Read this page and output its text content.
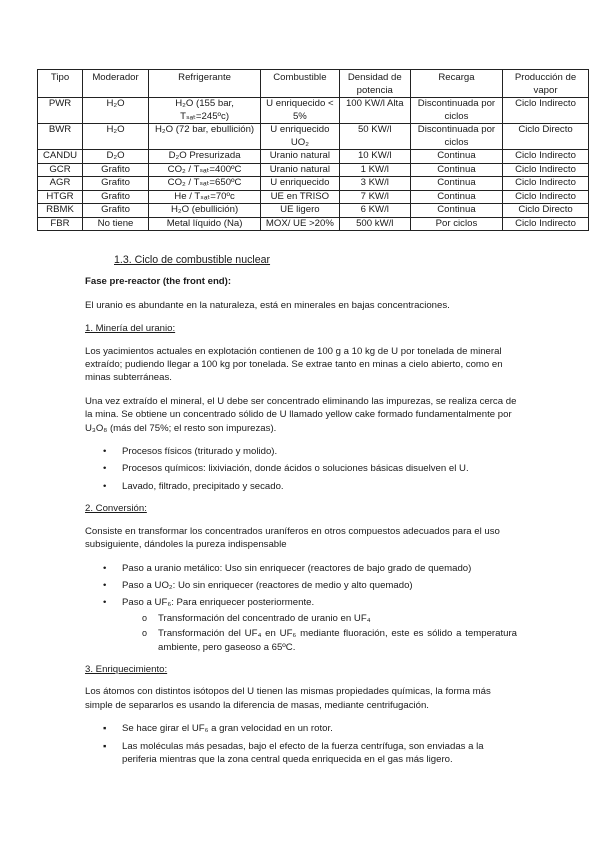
Tipo	Moderador	Refrigerante	Combustible	Densidad de potencia	Recarga	Producción de vapor
PWR	H₂O	H₂O (155 bar, Tₛₐₜ=245ºc)	U enriquecido < 5%	100 KW/l Alta	Discontinuada por ciclos	Ciclo Indirecto
BWR	H₂O	H₂O (72 bar, ebullición)	U enriquecido UO₂	50 KW/l	Discontinuada por ciclos	Ciclo Directo
CANDU	D₂O	D₂O Presurizada	Uranio natural	10 KW/l	Continua	Ciclo Indirecto
GCR	Grafito	CO₂ / Tₛₐₜ=400ºC	Uranio natural	1 KW/l	Continua	Ciclo Indirecto
AGR	Grafito	CO₂ / Tₛₐₜ=650ºC	U enriquecido	3 KW/l	Continua	Ciclo Indirecto
HTGR	Grafito	He / Tₛₐₜ=70ºc	UE en TRISO	7 KW/l	Continua	Ciclo Indirecto
RBMK	Grafito	H₂O (ebullición)	UE ligero	6 KW/l	Continua	Ciclo Directo
FBR	No tiene	Metal líquido (Na)	MOX/ UE >20%	500 kW/l	Por ciclos	Ciclo Indirecto
1.3. Ciclo de combustible nuclear
Fase pre-reactor (the front end):
El uranio es abundante en la naturaleza, está en minerales en bajas concentraciones.
1. Minería del uranio:
Los yacimientos actuales en explotación contienen de 100 g a 10 kg de U por tonelada de mineral extraído; pudiendo llegar a 100 kg por tonelada. Se extrae tanto en minas a cielo abierto, como en minas subterráneas.
Una vez extraído el mineral, el U debe ser concentrado eliminando las impurezas, se realiza cerca de la mina. Se obtiene un concentrado sólido de U llamado yellow cake formado fundamentalmente por U₃O₈ (más del 75%; el resto son impurezas).
• Procesos físicos (triturado y molido).
• Procesos químicos: lixiviación, donde ácidos o soluciones básicas disuelven el U.
• Lavado, filtrado, precipitado y secado.
2. Conversión:
Consiste en transformar los concentrados uraníferos en otros compuestos adecuados para el uso subsiguiente, dándoles la pureza indispensable
• Paso a uranio metálico: Uso sin enriquecer (reactores de bajo grado de quemado)
• Paso a UO₂: Uo sin enriquecer (reactores de medio y alto quemado)
• Paso a UF₆: Para enriquecer posteriormente.
o Transformación del concentrado de uranio en UF₄
o Transformación del UF₄ en UF₆ mediante fluoración, este es sólido a temperatura ambiente, pero gaseoso a 65ºC.
3. Enriquecimiento:
Los átomos con distintos isótopos del U tienen las mismas propiedades químicas, la forma más simple de separarlos es usando la diferencia de masas, mediante centrifugación.
▪ Se hace girar el UF₆ a gran velocidad en un rotor.
▪ Las moléculas más pesadas, bajo el efecto de la fuerza centrífuga, son enviadas a la periferia mientras que la zona central queda enriquecida en el gas más ligero.
